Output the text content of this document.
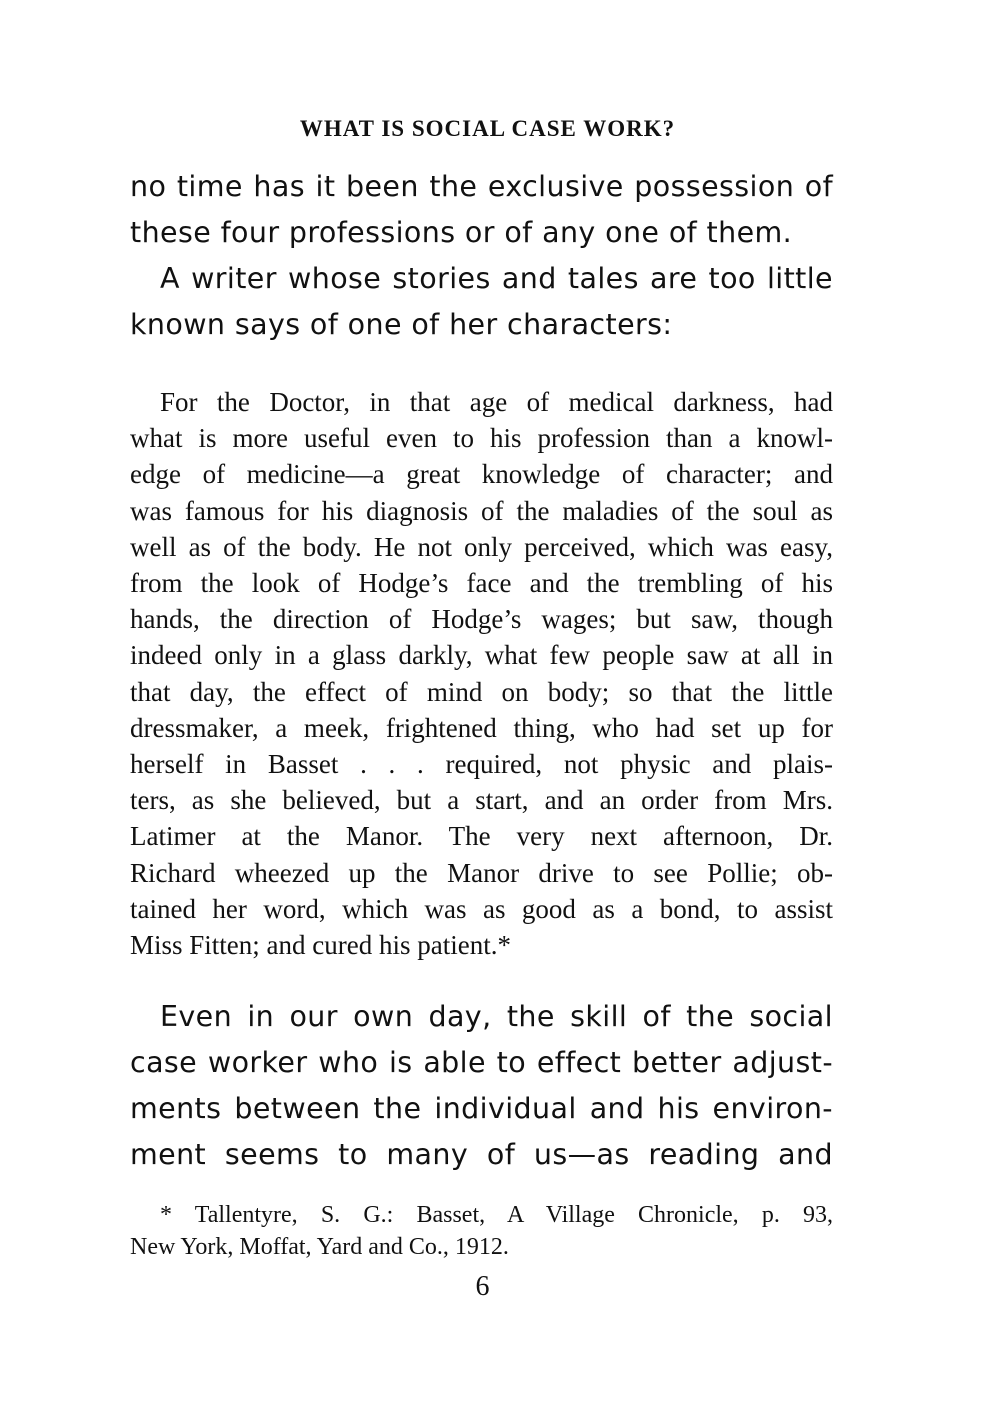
WHAT IS SOCIAL CASE WORK?
no time has it been the exclusive possession of
these four professions or of any one of them.
A writer whose stories and tales are too little
known says of one of her characters:
For the Doctor, in that age of medical darkness, had
what is more useful even to his profession than a knowl-
edge of medicine—a great knowledge of character; and
was famous for his diagnosis of the maladies of the soul as
well as of the body. He not only perceived, which was easy,
from the look of Hodge’s face and the trembling of his
hands, the direction of Hodge’s wages; but saw, though
indeed only in a glass darkly, what few people saw at all in
that day, the effect of mind on body; so that the little
dressmaker, a meek, frightened thing, who had set up for
herself in Basset . . . required, not physic and plais-
ters, as she believed, but a start, and an order from Mrs.
Latimer at the Manor. The very next afternoon, Dr.
Richard wheezed up the Manor drive to see Pollie; ob-
tained her word, which was as good as a bond, to assist
Miss Fitten; and cured his patient.*
Even in our own day, the skill of the social
case worker who is able to effect better adjust-
ments between the individual and his environ-
ment seems to many of us—as reading and
* Tallentyre, S. G.: Basset, A Village Chronicle, p. 93,
New York, Moffat, Yard and Co., 1912.
6
